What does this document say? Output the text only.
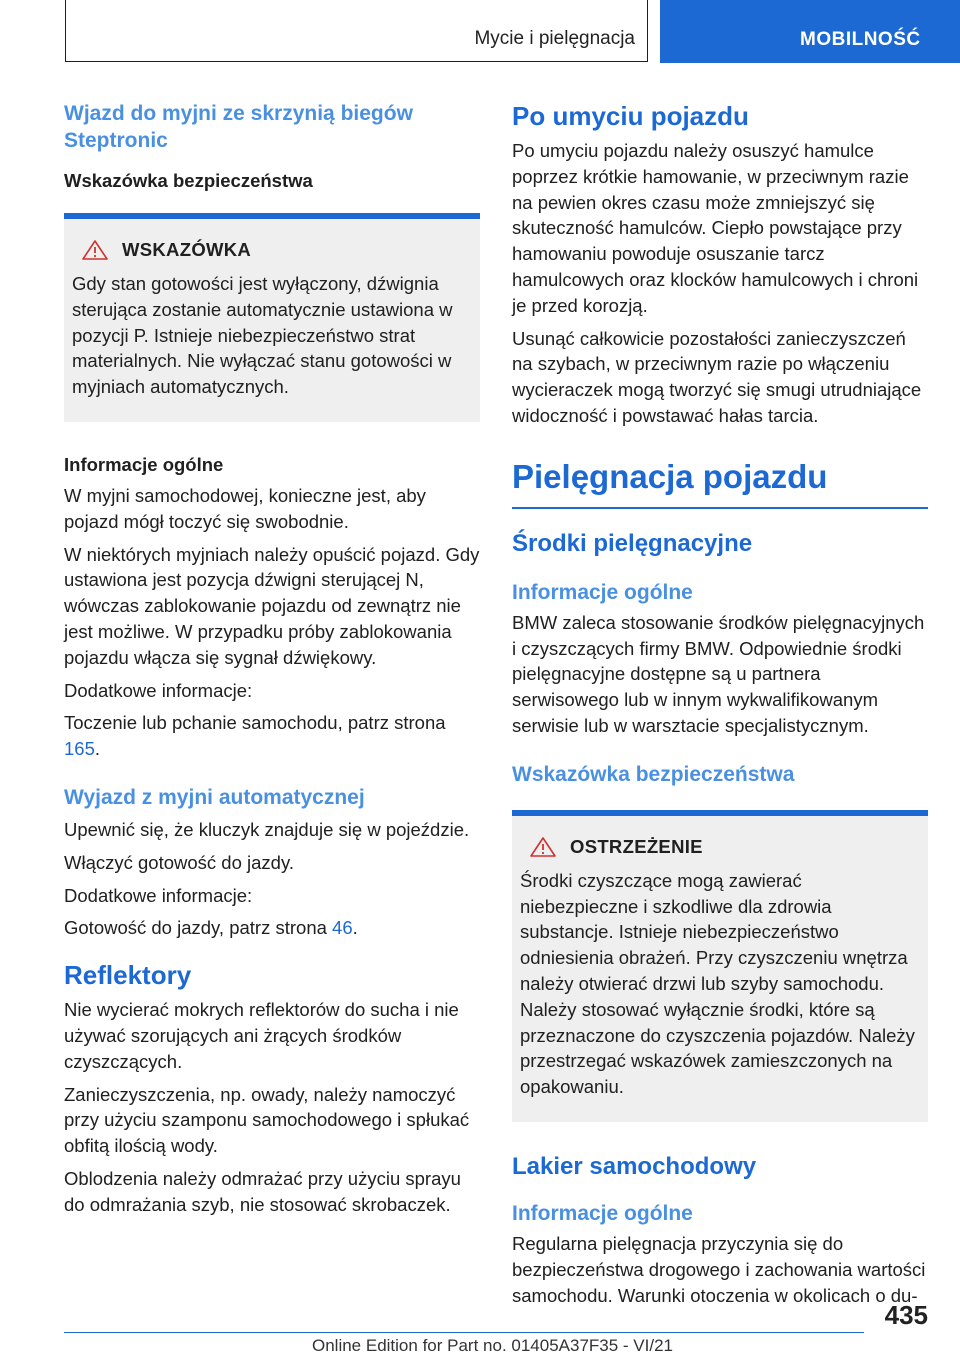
Mycie i pielęgnacja	MOBILNOŚĆ
Wjazd do myjni ze skrzynią biegów Steptronic
Wskazówka bezpieczeństwa
WSKAZÓWKA

Gdy stan gotowości jest wyłączony, dźwignia sterująca zostanie automatycznie ustawiona w pozycji P. Istnieje niebezpieczeństwo strat materialnych. Nie wyłączać stanu gotowości w myjniach automatycznych.

Informacje ogólne

W myjni samochodowej, konieczne jest, aby pojazd mógł toczyć się swobodnie.

W niektórych myjniach należy opuścić pojazd. Gdy ustawiona jest pozycja dźwigni sterującej N, wówczas zablokowanie pojazdu od zewnątrz nie jest możliwe. W przypadku próby zablokowania pojazdu włącza się sygnał dźwiękowy.

Dodatkowe informacje:

Toczenie lub pchanie samochodu, patrz strona 165.

Wyjazd z myjni automatycznej

Upewnić się, że kluczyk znajduje się w pojeździe.

Włączyć gotowość do jazdy.

Dodatkowe informacje:

Gotowość do jazdy, patrz strona 46.

Reflektory

Nie wycierać mokrych reflektorów do sucha i nie używać szorujących ani żrących środków czyszczących.

Zanieczyszczenia, np. owady, należy namoczyć przy użyciu szamponu samochodowego i spłukać obfitą ilością wody.

Oblodzenia należy odmrażać przy użyciu sprayu do odmrażania szyb, nie stosować skrobaczek.

Po umyciu pojazdu

Po umyciu pojazdu należy osuszyć hamulce poprzez krótkie hamowanie, w przeciwnym razie na pewien okres czasu może zmniejszyć się skuteczność hamulców. Ciepło powstające przy hamowaniu powoduje osuszanie tarcz hamulcowych oraz klocków hamulcowych i chroni je przed korozją.

Usunąć całkowicie pozostałości zanieczyszczeń na szybach, w przeciwnym razie po włączeniu wycieraczek mogą tworzyć się smugi utrudniające widoczność i powstawać hałas tarcia.

Pielęgnacja pojazdu
Środki pielęgnacyjne
Informacje ogólne

BMW zaleca stosowanie środków pielęgnacyjnych i czyszczących firmy BMW. Odpowiednie środki pielęgnacyjne dostępne są u partnera serwisowego lub w innym wykwalifikowanym serwisie lub w warsztacie specjalistycznym.

Wskazówka bezpieczeństwa
OSTRZEŻENIE

Środki czyszczące mogą zawierać niebezpieczne i szkodliwe dla zdrowia substancje. Istnieje niebezpieczeństwo odniesienia obrażeń. Przy czyszczeniu wnętrza należy otwierać drzwi lub szyby samochodu. Należy stosować wyłącznie środki, które są przeznaczone do czyszczenia pojazdów. Należy przestrzegać wskazówek zamieszczonych na opakowaniu.

Lakier samochodowy
Informacje ogólne

Regularna pielęgnacja przyczynia się do bezpieczeństwa drogowego i zachowania wartości samochodu. Warunki otoczenia w okolicach o du-

435
Online Edition for Part no. 01405A37F35 - VI/21
